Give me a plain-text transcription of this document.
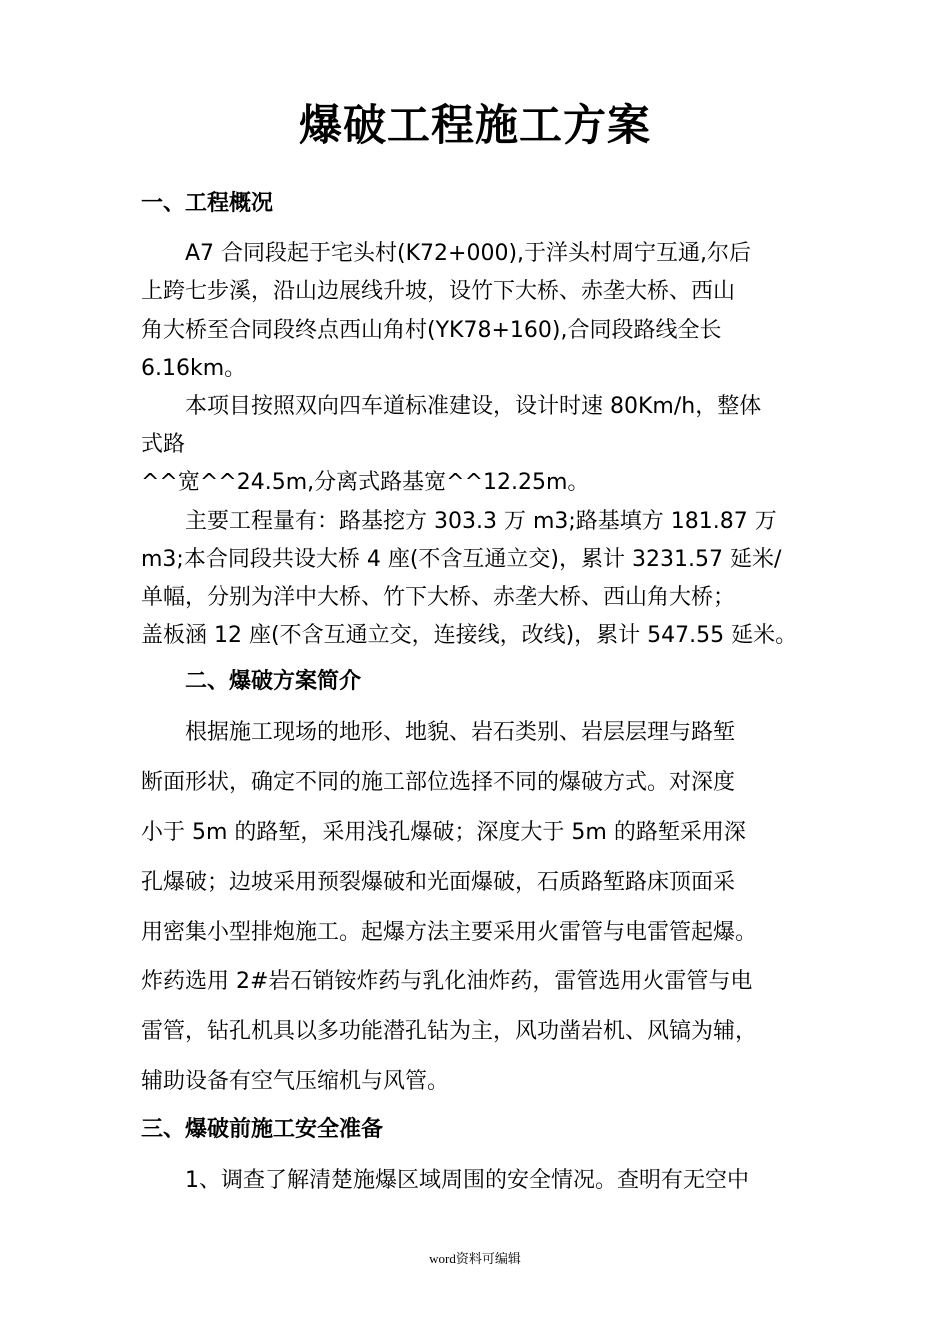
爆破工程施工方案
一、工程概况
A7 合同段起于宅头村(K72+000),于洋头村周宁互通,尔后
上跨七步溪，沿山边展线升坡，设竹下大桥、赤垄大桥、西山
角大桥至合同段终点西山角村(YK78+160),合同段路线全长
6.16km。
本项目按照双向四车道标准建设，设计时速 80Km/h，整体
式路
^^宽^^24.5m,分离式路基宽^^12.25m。
主要工程量有：路基挖方 303.3 万 m3;路基填方 181.87 万
m3;本合同段共设大桥 4 座(不含互通立交)，累计 3231.57 延米/
单幅，分别为洋中大桥、竹下大桥、赤垄大桥、西山角大桥；
盖板涵 12 座(不含互通立交，连接线，改线)，累计 547.55 延米。
二、爆破方案简介
根据施工现场的地形、地貌、岩石类别、岩层层理与路堑
断面形状，确定不同的施工部位选择不同的爆破方式。对深度
小于 5m 的路堑，采用浅孔爆破；深度大于 5m 的路堑采用深
孔爆破；边坡采用预裂爆破和光面爆破，石质路堑路床顶面采
用密集小型排炮施工。起爆方法主要采用火雷管与电雷管起爆。
炸药选用 2#岩石销铵炸药与乳化油炸药，雷管选用火雷管与电
雷管，钻孔机具以多功能潜孔钻为主，风功凿岩机、风镐为辅，
辅助设备有空气压缩机与风管。
三、爆破前施工安全准备
1、调查了解清楚施爆区域周围的安全情况。查明有无空中
word资料可编辑
